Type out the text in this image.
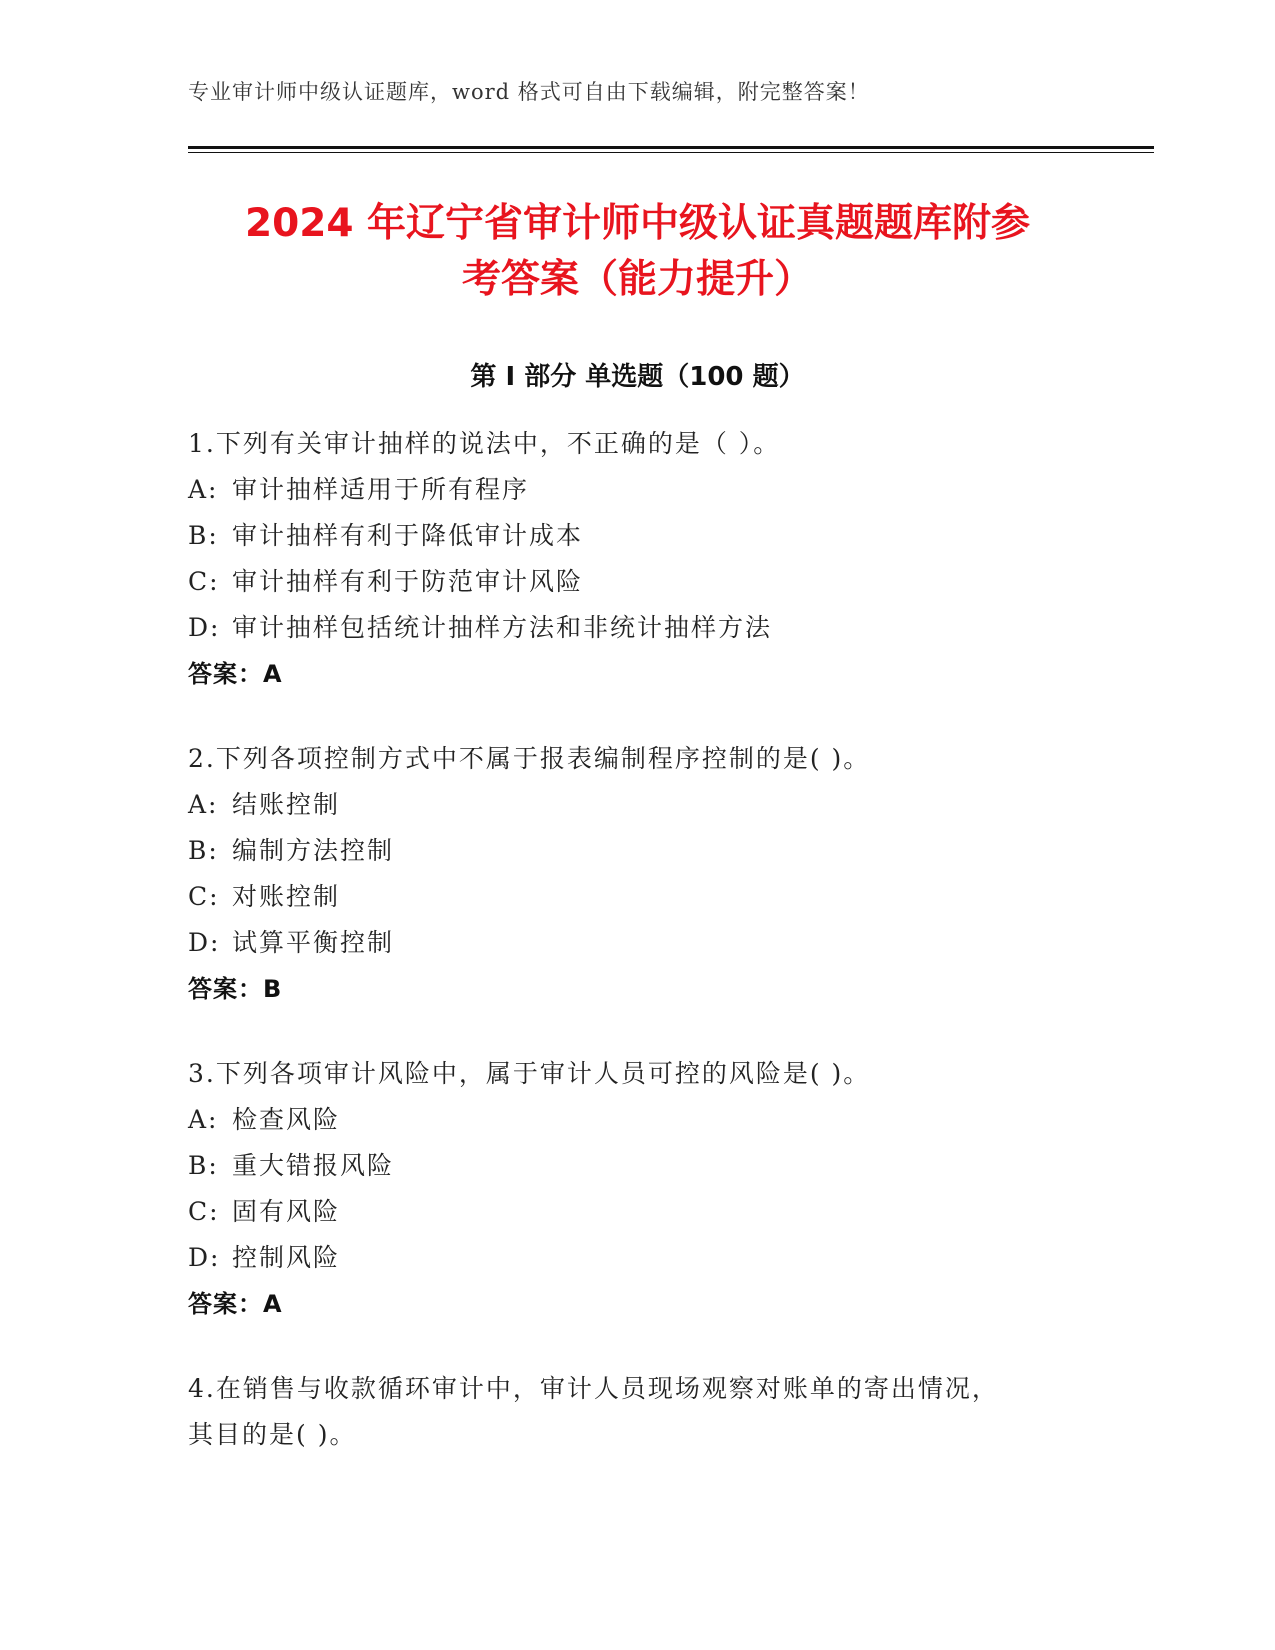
专业审计师中级认证题库，word 格式可自由下载编辑，附完整答案！
2024 年辽宁省审计师中级认证真题题库附参
考答案（能力提升）
第 I 部分 单选题（100 题）
1.下列有关审计抽样的说法中，不正确的是（ ）。
A: 审计抽样适用于所有程序
B: 审计抽样有利于降低审计成本
C: 审计抽样有利于防范审计风险
D: 审计抽样包括统计抽样方法和非统计抽样方法
答案：A
2.下列各项控制方式中不属于报表编制程序控制的是( )。
A: 结账控制
B: 编制方法控制
C: 对账控制
D: 试算平衡控制
答案：B
3.下列各项审计风险中，属于审计人员可控的风险是( )。
A: 检查风险
B: 重大错报风险
C: 固有风险
D: 控制风险
答案：A
4.在销售与收款循环审计中，审计人员现场观察对账单的寄出情况，
其目的是( )。
